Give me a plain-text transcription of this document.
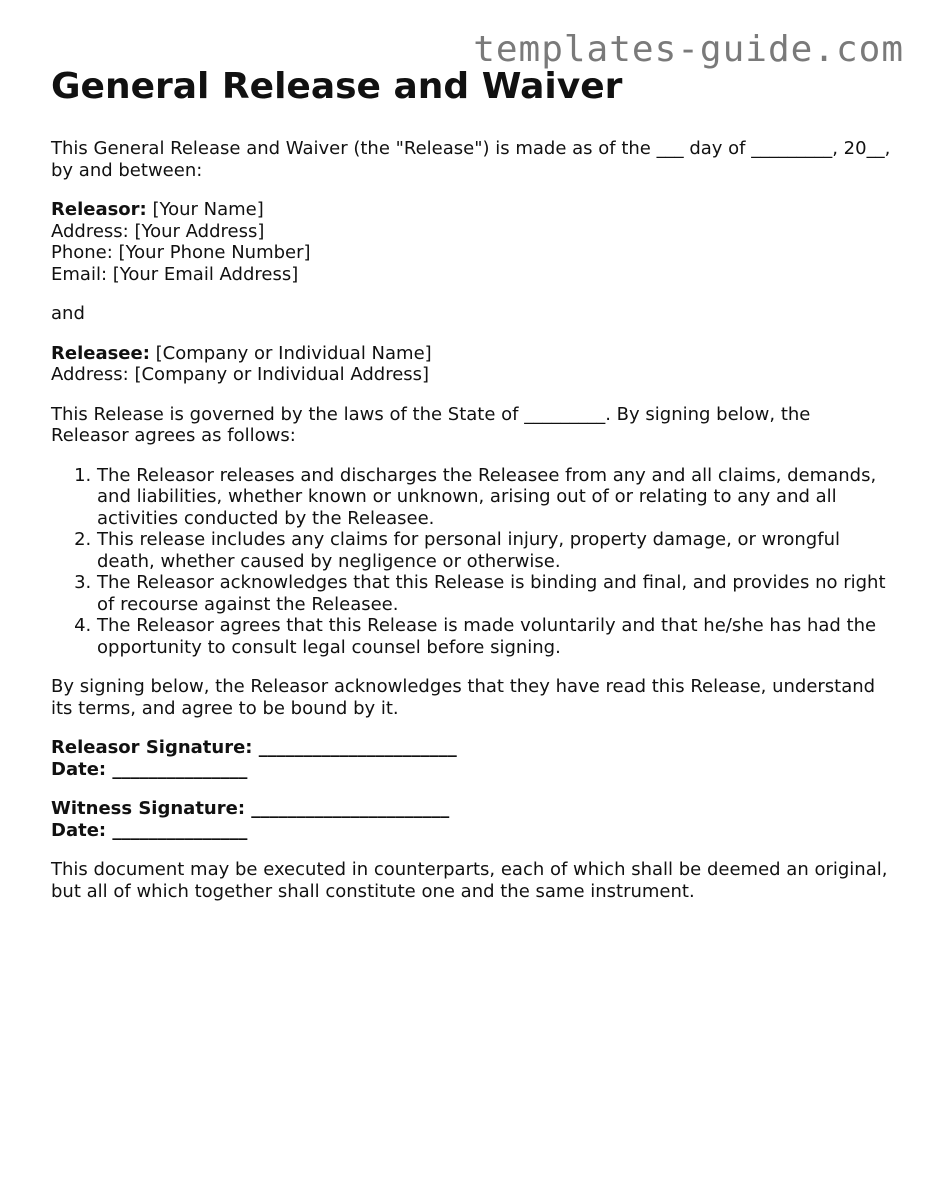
templates-guide.com
General Release and Waiver

This General Release and Waiver (the "Release") is made as of the ___ day of _________, 20__, by and between:

Releasor: [Your Name]

Address: [Your Address]

Phone: [Your Phone Number]

Email: [Your Email Address]

and

Releasee: [Company or Individual Name]

Address: [Company or Individual Address]

This Release is governed by the laws of the State of _________. By signing below, the Releasor agrees as follows:

1. The Releasor releases and discharges the Releasee from any and all claims, demands, and liabilities, whether known or unknown, arising out of or relating to any and all activities conducted by the Releasee.
2. This release includes any claims for personal injury, property damage, or wrongful death, whether caused by negligence or otherwise.
3. The Releasor acknowledges that this Release is binding and final, and provides no right of recourse against the Releasee.
4. The Releasor agrees that this Release is made voluntarily and that he/she has had the opportunity to consult legal counsel before signing.

By signing below, the Releasor acknowledges that they have read this Release, understand its terms, and agree to be bound by it.

Releasor Signature: ______________________

Date: _______________

Witness Signature: ______________________

Date: _______________

This document may be executed in counterparts, each of which shall be deemed an original, but all of which together shall constitute one and the same instrument.
